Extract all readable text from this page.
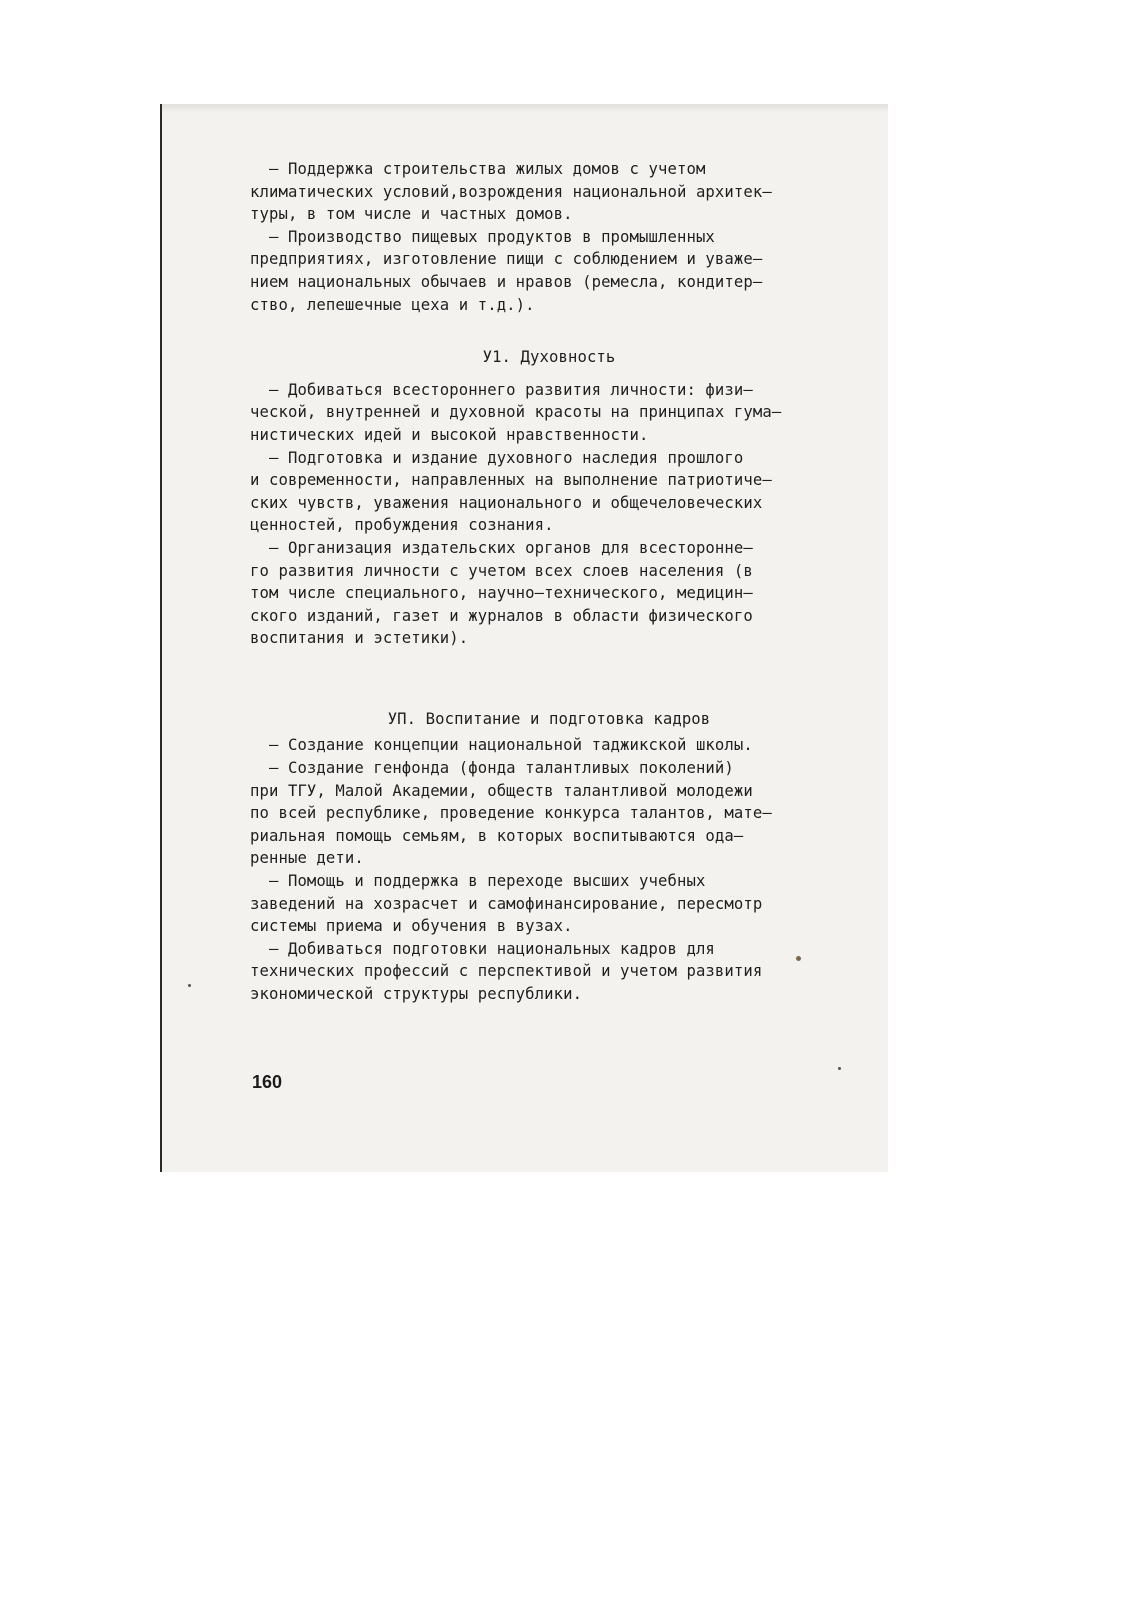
– Поддержка строительства жилых домов с учетом

климатических условий,возрождения национальной архитек–

туры, в том числе и частных домов.

– Производство пищевых продуктов в промышленных

предприятиях, изготовление пищи с соблюдением и уваже–

нием национальных обычаев и нравов (ремесла, кондитер–

ство, лепешечные цеха и т.д.).

У1. Духовность

– Добиваться всестороннего развития личности: физи–

ческой, внутренней и духовной красоты на принципах гума–

нистических идей и высокой нравственности.

– Подготовка и издание духовного наследия прошлого

и современности, направленных на выполнение патриотиче–

ских чувств, уважения национального и общечеловеческих

ценностей, пробуждения сознания.

– Организация издательских органов для всесторонне–

го развития личности с учетом всех слоев населения (в

том числе специального, научно–технического, медицин–

ского изданий, газет и журналов в области физического

воспитания и эстетики).

УП. Воспитание и подготовка кадров

– Создание концепции национальной таджикской школы.

– Создание генфонда (фонда талантливых поколений)

при ТГУ, Малой Академии, обществ талантливой молодежи

по всей республике, проведение конкурса талантов, мате–

риальная помощь семьям, в которых воспитываются ода–

ренные дети.

– Помощь и поддержка в переходе высших учебных

заведений на хозрасчет и самофинансирование, пересмотр

системы приема и обучения в вузах.

– Добиваться подготовки национальных кадров для

технических профессий с перспективой и учетом развития

экономической структуры республики.

160
